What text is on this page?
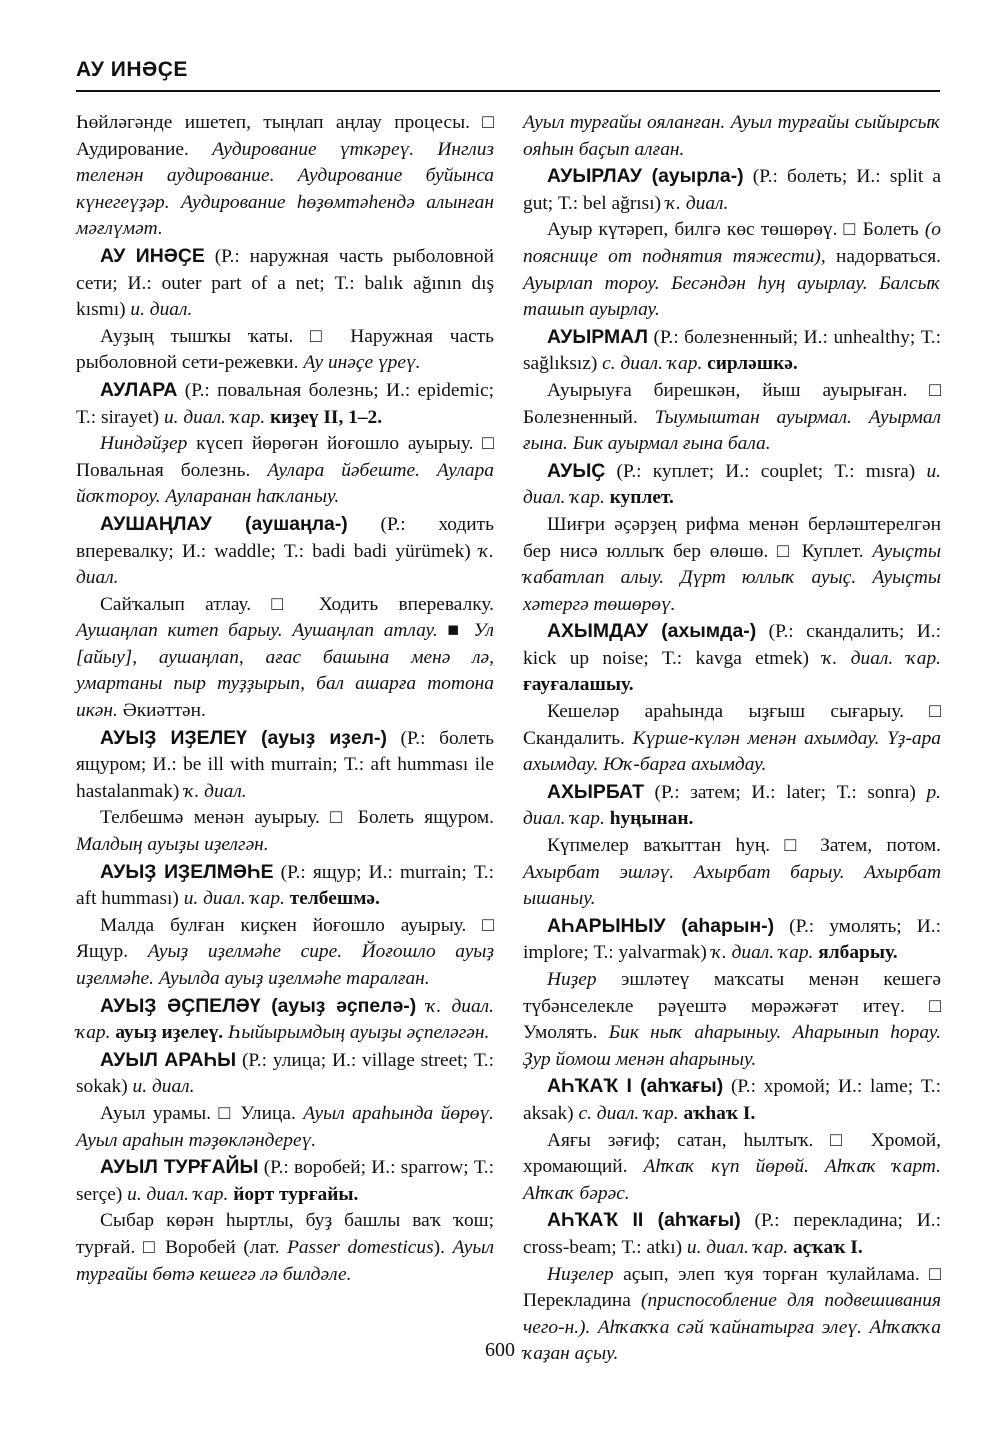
АУ ИНӘҪЕ

Һөйләгәнде ишетеп, тыңлап аңлау процесы. □ Аудирование. Аудирование үткәреү. Инглиз теленән аудирование. Аудирование буйынса күнегеүҙәр. Аудирование һөҙөмтәһендә алынған мәғлүмәт.

АУ ИНӘҪЕ (Р.: наружная часть рыболовной сети; И.: outer part of a net; Т.: balık ağının dış kısmı) и. диал.

Ауҙың тышҡы ҡаты. □ Наружная часть рыболовной сети-режевки. Ау инәҫе үреү.

АУЛАРА (Р.: повальная болезнь; И.: epidemic; Т.: sirayet) и. диал. ҡар. киҙеү II, 1–2.

Ниндәйҙер күсеп йөрөгән йоғошло ауырыу. □ Повальная болезнь. Аулара йәбеште. Аулара йоҡтороу. Ауларанан һаҡланыу.

АУШАҢЛАУ (аушаңла-) (Р.: ходить вперевалку; И.: waddle; Т.: badi badi yürümek) ҡ. диал.

Сайҡалып атлау. □ Ходить вперевалку. Аушаңлап китеп барыу. Аушаңлап атлау. ■ Ул [айыу], аушаңлап, ағас башына менә лә, умартаны пыр туҙҙырып, бал ашарға тотона икән. Әкиәттән.

АУЫҘ ИҘЕЛЕҮ (ауыҙ иҙел-) (Р.: болеть ящуром; И.: be ill with murrain; Т.: aft humması ile hastalanmak) ҡ. диал.

Телбешмә менән ауырыу. □ Болеть ящуром. Малдың ауыҙы иҙелгән.

АУЫҘ ИҘЕЛМӘҺЕ (Р.: ящур; И.: murrain; Т.: aft humması) и. диал. ҡар. телбешмә.

Малда булған киҫкен йоғошло ауырыу. □ Ящур. Ауыҙ иҙелмәһе сире. Йоғошло ауыҙ иҙелмәһе. Ауылда ауыҙ иҙелмәһе таралған.

АУЫҘ ӘҪПЕЛӘҮ (ауыҙ әҫпелә-) ҡ. диал. ҡар. ауыҙ иҙелеү. Һыйырымдың ауыҙы әҫпеләгән.

АУЫЛ АРАҺЫ (Р.: улица; И.: village street; Т.: sokak) и. диал.

Ауыл урамы. □ Улица. Ауыл араһында йөрөү. Ауыл араһын тәҙөкләндереү.

АУЫЛ ТУРҒАЙЫ (Р.: воробей; И.: sparrow; Т.: serçe) и. диал. ҡар. йорт турғайы.

Сыбар көрән һыртлы, буҙ башлы ваҡ ҡош; турғай. □ Воробей (лат. Passer domesticus). Ауыл турғайы бөтә кешегә лә билдәле.

Ауыл турғайы ояланған. Ауыл турғайы сыйырсыҡ ояһын баҫып алған.

АУЫРЛАУ (ауырла-) (Р.: болеть; И.: split a gut; Т.: bel ağrısı) ҡ. диал.

Ауыр күтәреп, билгә көс төшөрөү. □ Болеть (о пояснице от поднятия тяжести), надорваться. Ауырлап тороу. Бесәндән һуң ауырлау. Балсыҡ ташып ауырлау.

АУЫРМАЛ (Р.: болезненный; И.: unhealthy; Т.: sağlıksız) с. диал. ҡар. сирләшкә.

Ауырыуға бирешкән, йыш ауырыған. □ Болезненный. Тыумыштан ауырмал. Ауырмал ғына. Бик ауырмал ғына бала.

АУЫҪ (Р.: куплет; И.: couplet; Т.: mısra) и. диал. ҡар. куплет.

Шиғри әҫәрҙең рифма менән берләштерелгән бер нисә юллыҡ бер өлөшө. □ Куплет. Ауыҫты ҡабатлап алыу. Дүрт юллыҡ ауыҫ. Ауыҫты хәтергә төшөрөү.

АХЫМДАУ (ахымда-) (Р.: скандалить; И.: kick up noise; Т.: kavga etmek) ҡ. диал. ҡар. ғауғалашыу.

Кешеләр араһында ыҙғыш сығарыу. □ Скандалить. Күрше-күлән менән ахымдау. Үҙ-ара ахымдау. Юҡ-барға ахымдау.

АХЫРБАТ (Р.: затем; И.: later; Т.: sonra) р. диал. ҡар. һуңынан.

Күпмелер ваҡыттан һуң. □ Затем, потом. Ахырбат эшләү. Ахырбат барыу. Ахырбат ышаныу.

АҺАРЫНЫУ (аһарын-) (Р.: умолять; И.: implore; Т.: yalvarmak) ҡ. диал. ҡар. ялбарыу.

Ниҙер эшләтеү маҡсаты менән кешегә түбәнселекле рәүештә мөрәжәғәт итеү. □ Умолять. Бик ныҡ аһарыныу. Аһарынып һорау. Ҙур йомош менән аһарыныу.

АҺҠАҠ I (аһҡағы) (Р.: хромой; И.: lame; Т.: aksak) с. диал. ҡар. аҡһаҡ I.

Аяғы зәғиф; сатан, һылтыҡ. □ Хромой, хромающий. Аһҡаҡ күп йөрөй. Аһҡаҡ ҡарт. Аһҡаҡ бәрәс.

АҺҠАҠ II (аһҡағы) (Р.: перекладина; И.: cross-beam; Т.: atkı) и. диал. ҡар. аҫҡаҡ I.

Ниҙелер аҫып, элеп ҡуя торған ҡулайлама. □ Перекладина (приспособление для подвешивания чего-н.). Аһҡаҡҡа сәй ҡайнатырға элеү. Аһҡаҡҡа ҡаҙан аҫыу.

600
